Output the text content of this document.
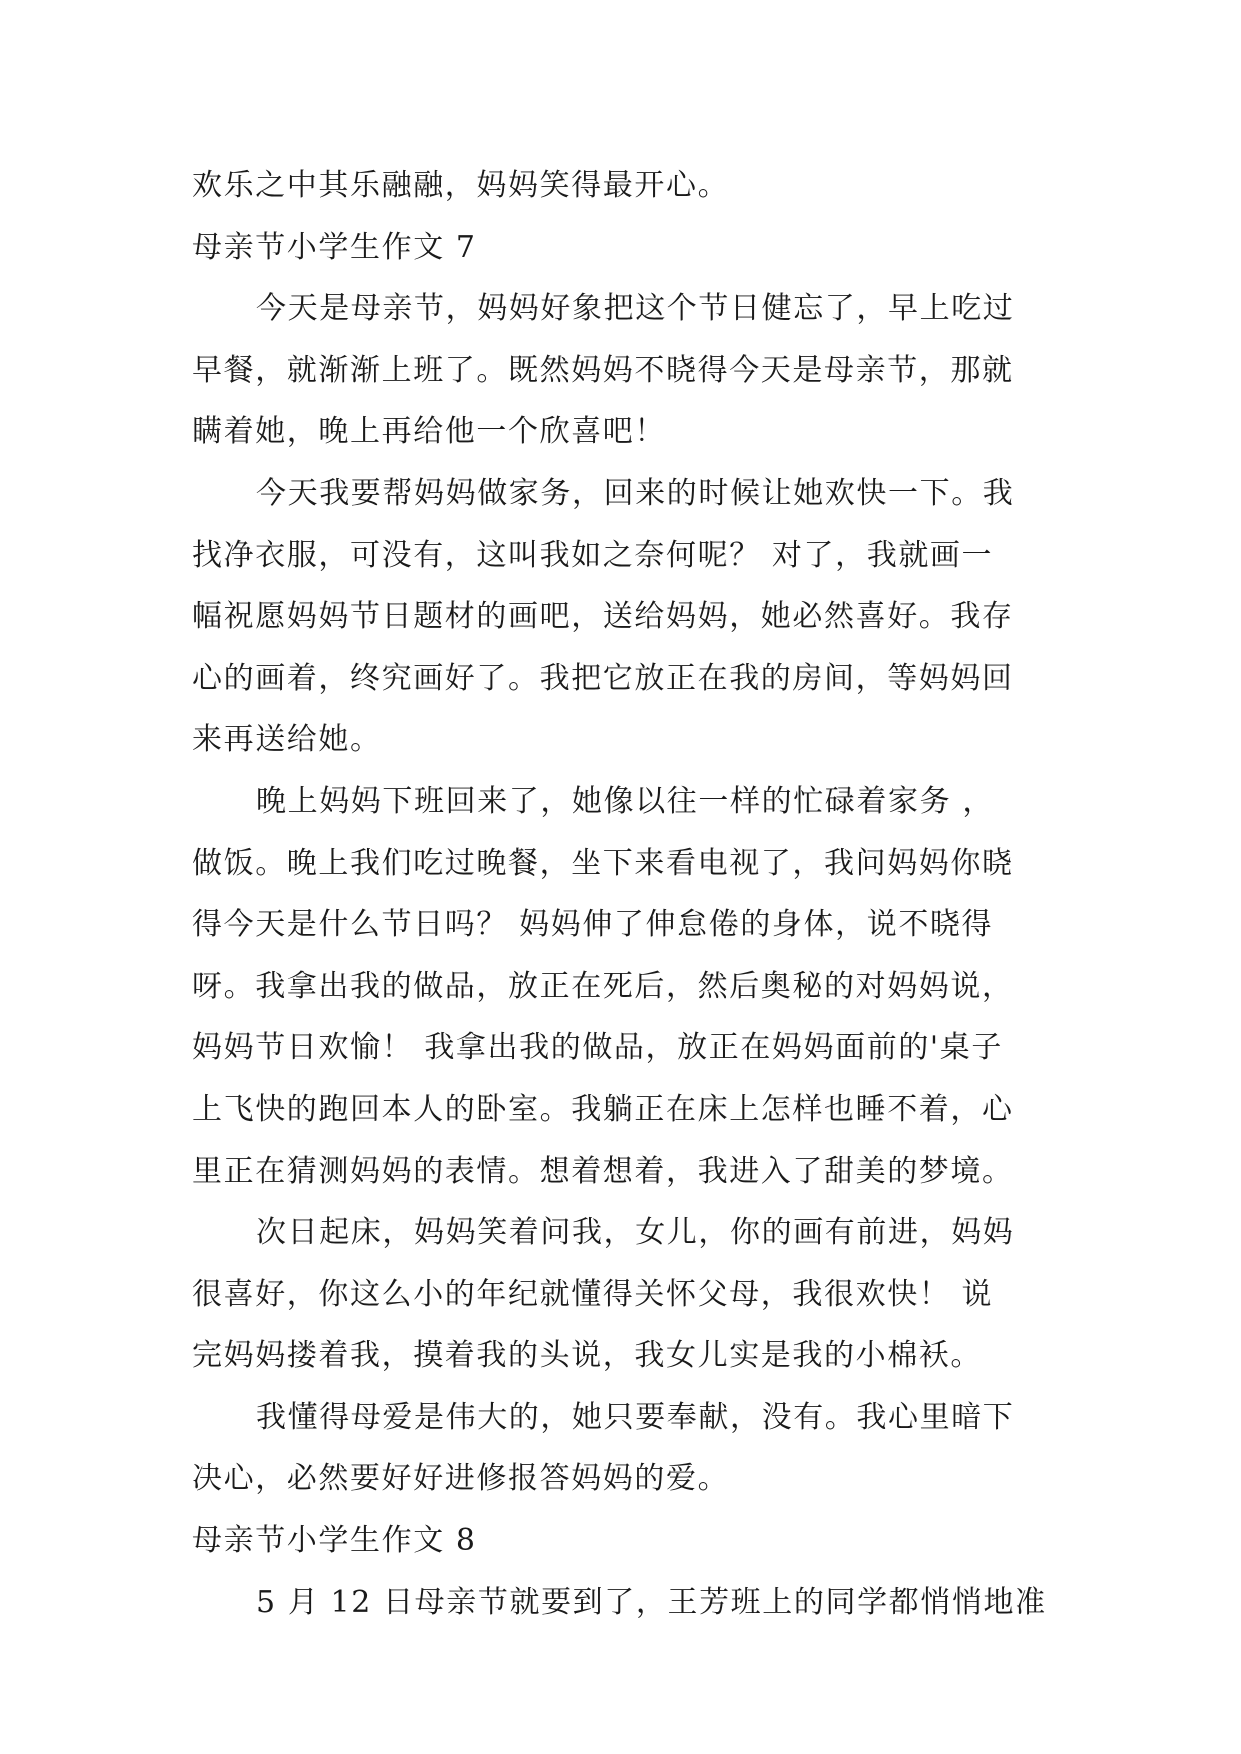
欢乐之中其乐融融，妈妈笑得最开心。
母亲节小学生作文 7
今天是母亲节，妈妈好象把这个节日健忘了，早上吃过
早餐，就渐渐上班了。既然妈妈不晓得今天是母亲节，那就
瞒着她，晚上再给他一个欣喜吧！
今天我要帮妈妈做家务，回来的时候让她欢快一下。我
找净衣服，可没有，这叫我如之奈何呢？ 对了，我就画一
幅祝愿妈妈节日题材的画吧，送给妈妈，她必然喜好。我存
心的画着，终究画好了。我把它放正在我的房间，等妈妈回
来再送给她。
晚上妈妈下班回来了，她像以往一样的忙碌着家务 ，
做饭。晚上我们吃过晚餐，坐下来看电视了，我问妈妈你晓
得今天是什么节日吗？ 妈妈伸了伸怠倦的身体，说不晓得
呀。我拿出我的做品，放正在死后，然后奥秘的对妈妈说，
妈妈节日欢愉！ 我拿出我的做品，放正在妈妈面前的'桌子
上飞快的跑回本人的卧室。我躺正在床上怎样也睡不着，心
里正在猜测妈妈的表情。想着想着，我进入了甜美的梦境。
次日起床，妈妈笑着问我，女儿，你的画有前进，妈妈
很喜好，你这么小的年纪就懂得关怀父母，我很欢快！ 说
完妈妈搂着我，摸着我的头说，我女儿实是我的小棉袄。
我懂得母爱是伟大的，她只要奉献，没有。我心里暗下
决心，必然要好好进修报答妈妈的爱。
母亲节小学生作文 8
5 月 12 日母亲节就要到了，王芳班上的同学都悄悄地准
